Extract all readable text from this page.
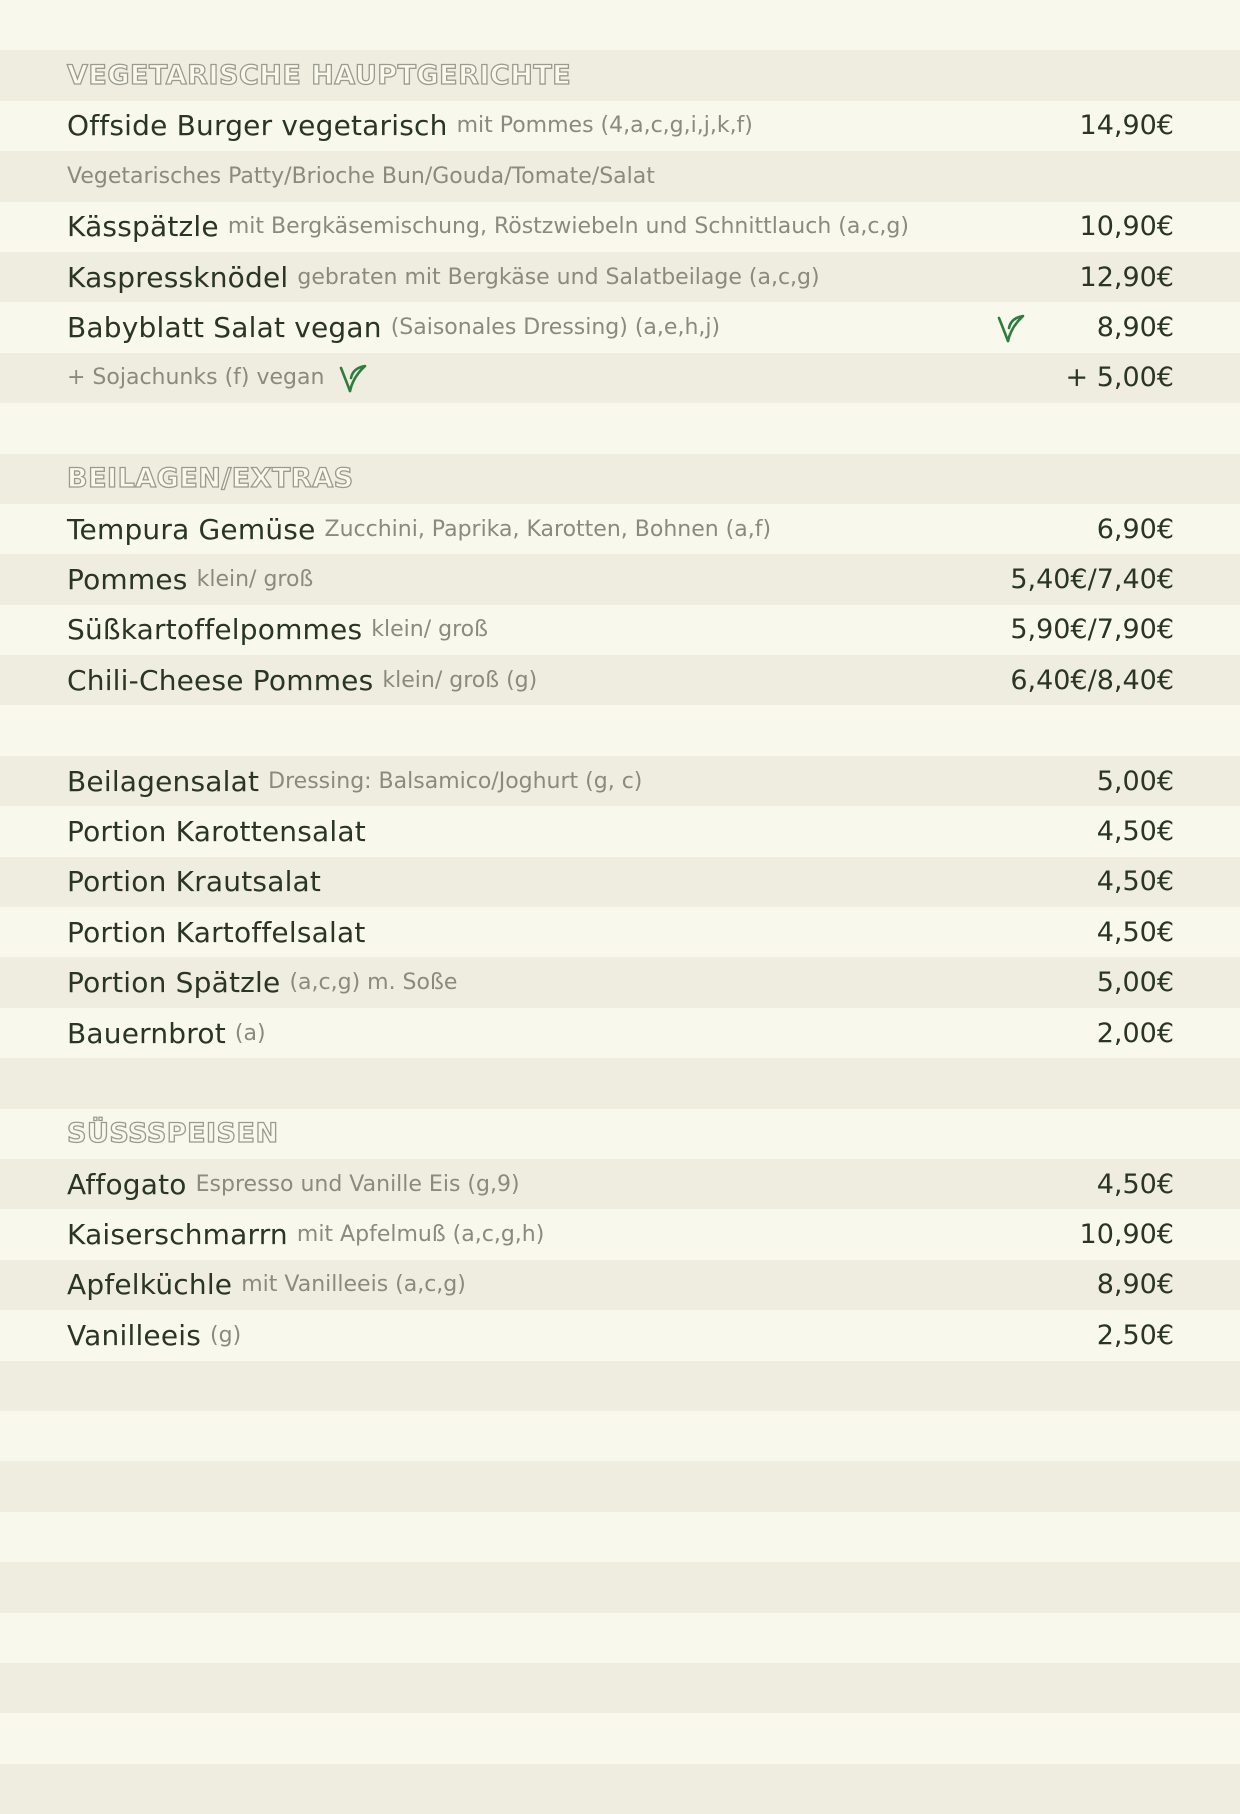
VEGETARISCHE HAUPTGERICHTE
Offside Burger vegetarisch mit Pommes (4,a,c,g,i,j,k,f)	14,90€
Vegetarisches Patty/Brioche Bun/Gouda/Tomate/Salat
Kässpätzle mit Bergkäsemischung, Röstzwiebeln und Schnittlauch (a,c,g)	10,90€
Kaspressknödel gebraten mit Bergkäse und Salatbeilage (a,c,g)	12,90€
Babyblatt Salat vegan (Saisonales Dressing) (a,e,h,j)	8,90€
+ Sojachunks (f) vegan	+ 5,00€
BEILAGEN/EXTRAS
Tempura Gemüse Zucchini, Paprika, Karotten, Bohnen (a,f)	6,90€
Pommes klein/ groß	5,40€/7,40€
Süßkartoffelpommes klein/ groß	5,90€/7,90€
Chili-Cheese Pommes klein/ groß (g)	6,40€/8,40€
Beilagensalat Dressing: Balsamico/Joghurt (g, c)	5,00€
Portion Karottensalat	4,50€
Portion Krautsalat	4,50€
Portion Kartoffelsalat	4,50€
Portion Spätzle (a,c,g) m. Soße	5,00€
Bauernbrot (a)	2,00€
SÜSSSPEISEN
Affogato Espresso und Vanille Eis (g,9)	4,50€
Kaiserschmarrn mit Apfelmuß (a,c,g,h)	10,90€
Apfelküchle mit Vanilleeis (a,c,g)	8,90€
Vanilleeis (g)	2,50€
